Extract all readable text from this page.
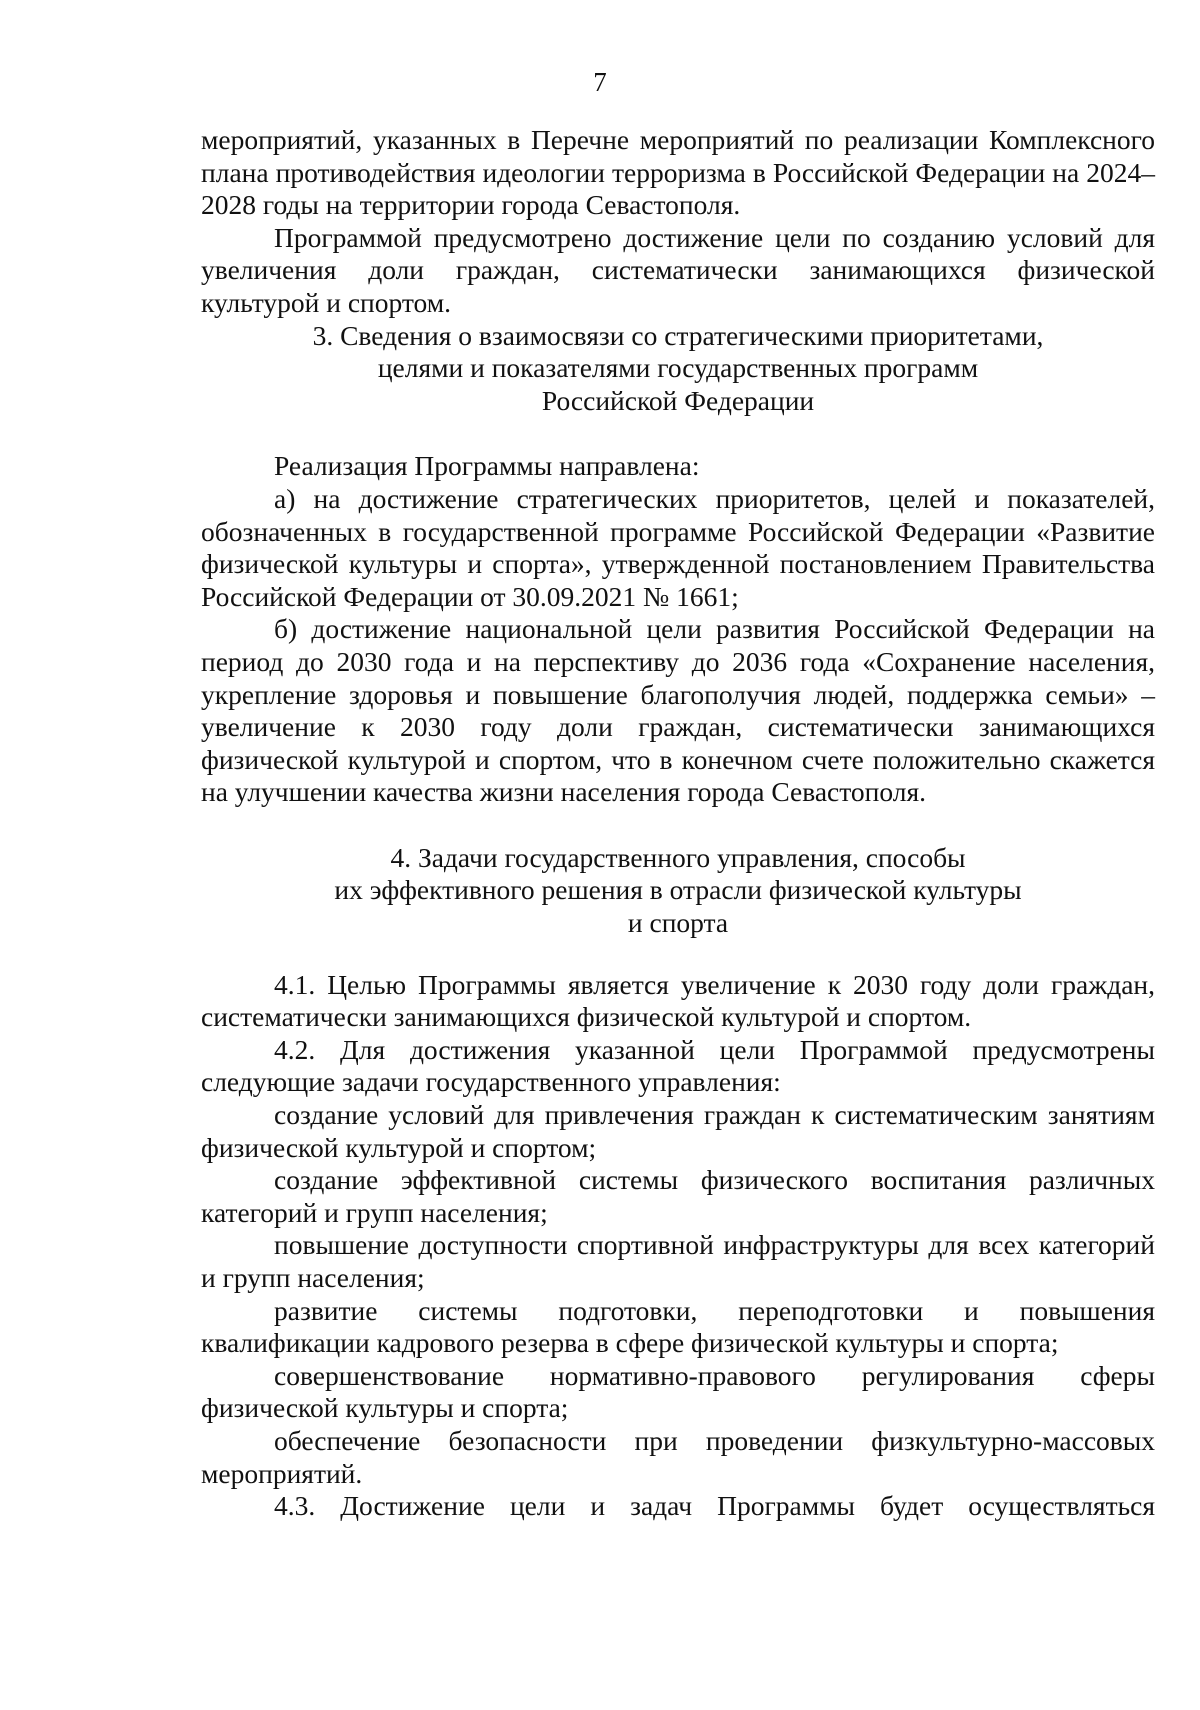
7

мероприятий, указанных в Перечне мероприятий по реализации Комплексного плана противодействия идеологии терроризма в Российской Федерации на 2024–2028 годы на территории города Севастополя.

Программой предусмотрено достижение цели по созданию условий для увеличения доли граждан, систематически занимающихся физической культурой и спортом.

3. Сведения о взаимосвязи со стратегическими приоритетами,
целями и показателями государственных программ
Российской Федерации

Реализация Программы направлена:

а) на достижение стратегических приоритетов, целей и показателей, обозначенных в государственной программе Российской Федерации «Развитие физической культуры и спорта», утвержденной постановлением Правительства Российской Федерации от 30.09.2021 № 1661;

б) достижение национальной цели развития Российской Федерации на период до 2030 года и на перспективу до 2036 года «Сохранение населения, укрепление здоровья и повышение благополучия людей, поддержка семьи» – увеличение к 2030 году доли граждан, систематически занимающихся физической культурой и спортом, что в конечном счете положительно скажется на улучшении качества жизни населения города Севастополя.

4. Задачи государственного управления, способы
их эффективного решения в отрасли физической культуры
и спорта

4.1. Целью Программы является увеличение к 2030 году доли граждан, систематически занимающихся физической культурой и спортом.

4.2. Для достижения указанной цели Программой предусмотрены следующие задачи государственного управления:

создание условий для привлечения граждан к систематическим занятиям физической культурой и спортом;

создание эффективной системы физического воспитания различных категорий и групп населения;

повышение доступности спортивной инфраструктуры для всех категорий   и групп населения;

развитие системы подготовки, переподготовки и повышения квалификации кадрового резерва в сфере физической культуры и спорта;

совершенствование нормативно-правового регулирования сферы физической культуры и спорта;

обеспечение безопасности при проведении физкультурно-массовых мероприятий.

4.3. Достижение цели и задач Программы будет осуществляться
